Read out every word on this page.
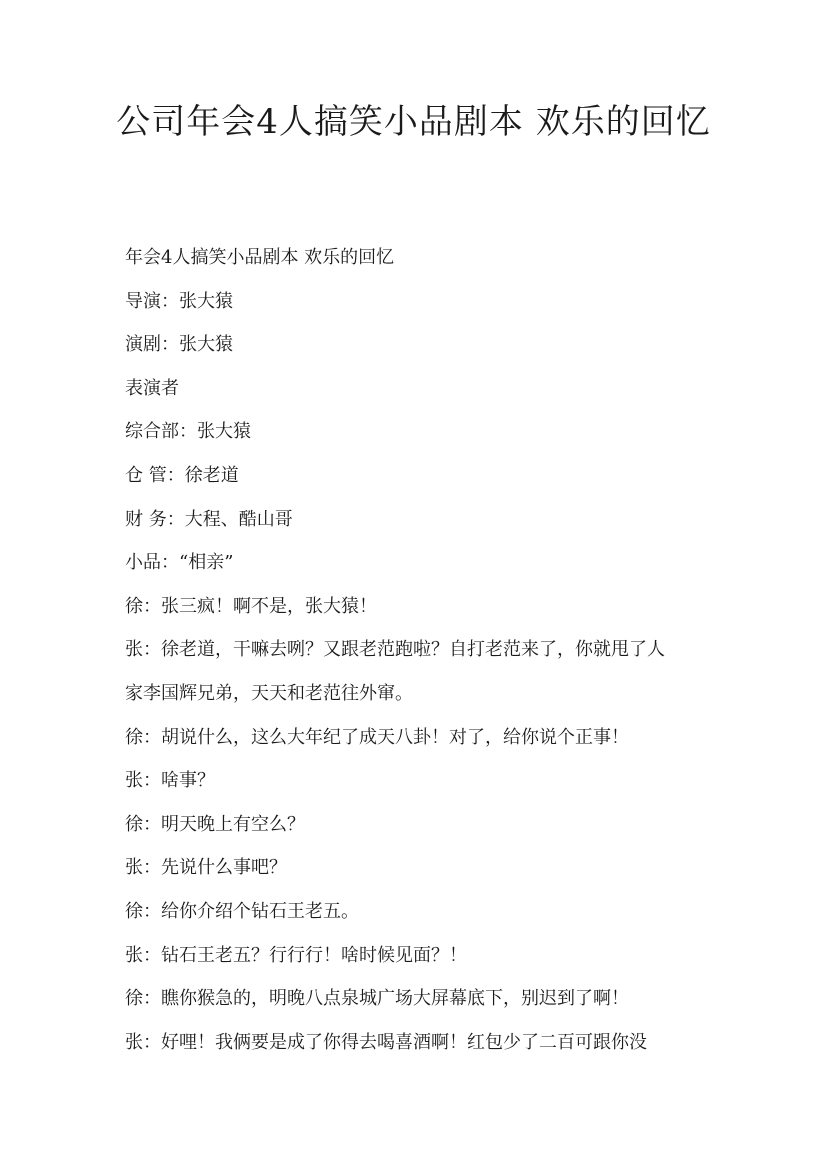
公司年会4人搞笑小品剧本 欢乐的回忆

年会4人搞笑小品剧本 欢乐的回忆

导演：张大猿

演剧：张大猿

表演者

综合部：张大猿

仓 管：徐老道

财 务：大程、酷山哥

小品：“相亲”

徐：张三疯！啊不是，张大猿！

张：徐老道，干嘛去咧？又跟老范跑啦？自打老范来了，你就甩了人

家李国辉兄弟，天天和老范往外窜。

徐：胡说什么，这么大年纪了成天八卦！对了，给你说个正事！

张：啥事？

徐：明天晚上有空么？

张：先说什么事吧？

徐：给你介绍个钻石王老五。

张：钻石王老五？行行行！啥时候见面？！

徐：瞧你猴急的，明晚八点泉城广场大屏幕底下，别迟到了啊！

张：好哩！我俩要是成了你得去喝喜酒啊！红包少了二百可跟你没
